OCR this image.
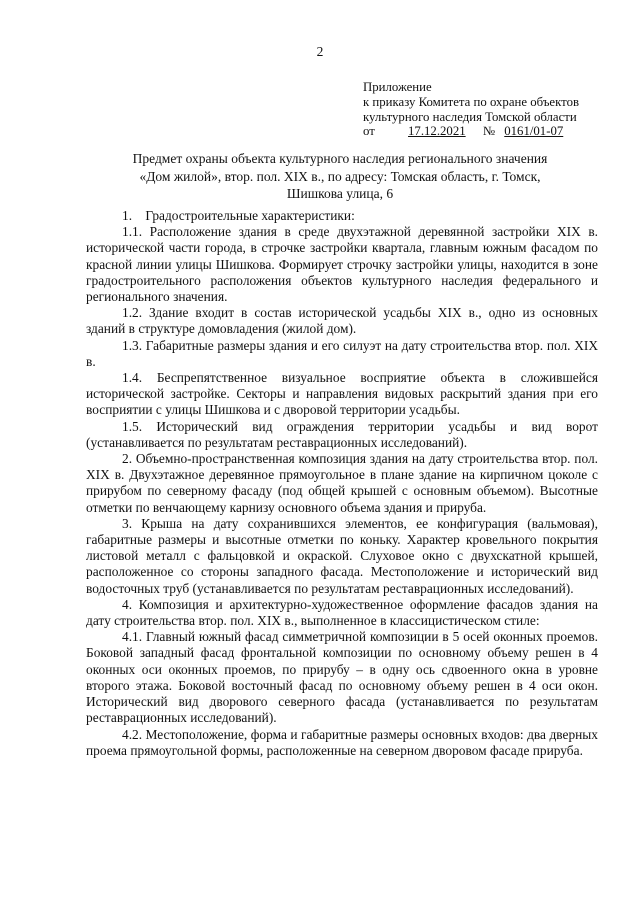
2
Приложение
к приказу Комитета по охране объектов
культурного наследия Томской области
от	17.12.2021 № 0161/01-07
Предмет охраны объекта культурного наследия регионального значения
«Дом жилой», втор. пол. XIX в., по адресу: Томская область, г. Томск,
Шишкова улица, 6

1.    Градостроительные характеристики:

1.1. Расположение здания в среде двухэтажной деревянной застройки XIX в. исторической части города, в строчке застройки квартала, главным южным фасадом по красной линии улицы Шишкова. Формирует строчку застройки улицы, находится в зоне градостроительного расположения объектов культурного наследия федерального и регионального значения.

1.2. Здание входит в состав исторической усадьбы XIX в., одно из основных зданий в структуре домовладения (жилой дом).

1.3. Габаритные размеры здания и его силуэт на дату строительства втор. пол. XIX в.

1.4. Беспрепятственное визуальное восприятие объекта в сложившейся исторической застройке. Секторы и направления видовых раскрытий здания при его восприятии с улицы Шишкова и с дворовой территории усадьбы.

1.5. Исторический вид ограждения территории усадьбы и вид ворот (устанавливается по результатам реставрационных исследований).

2. Объемно-пространственная композиция здания на дату строительства втор. пол. XIX в. Двухэтажное деревянное прямоугольное в плане здание на кирпичном цоколе с прирубом по северному фасаду (под общей крышей с основным объемом). Высотные отметки по венчающему карнизу основного объема здания и прируба.

3. Крыша на дату сохранившихся элементов, ее конфигурация (вальмовая), габаритные размеры и высотные отметки по коньку. Характер кровельного покрытия листовой металл с фальцовкой и окраской. Слуховое окно с двухскатной крышей, расположенное со стороны западного фасада. Местоположение и исторический вид водосточных труб (устанавливается по результатам реставрационных исследований).

4. Композиция и архитектурно-художественное оформление фасадов здания на дату строительства втор. пол. XIX в., выполненное в классицистическом стиле:

4.1. Главный южный фасад симметричной композиции в 5 осей оконных проемов. Боковой западный фасад фронтальной композиции по основному объему решен в 4 оконных оси оконных проемов, по прирубу – в одну ось сдвоенного окна в уровне второго этажа. Боковой восточный фасад по основному объему решен в 4 оси окон. Исторический вид дворового северного фасада (устанавливается по результатам реставрационных исследований).

4.2. Местоположение, форма и габаритные размеры основных входов: два дверных проема прямоугольной формы, расположенные на северном дворовом фасаде прируба.
